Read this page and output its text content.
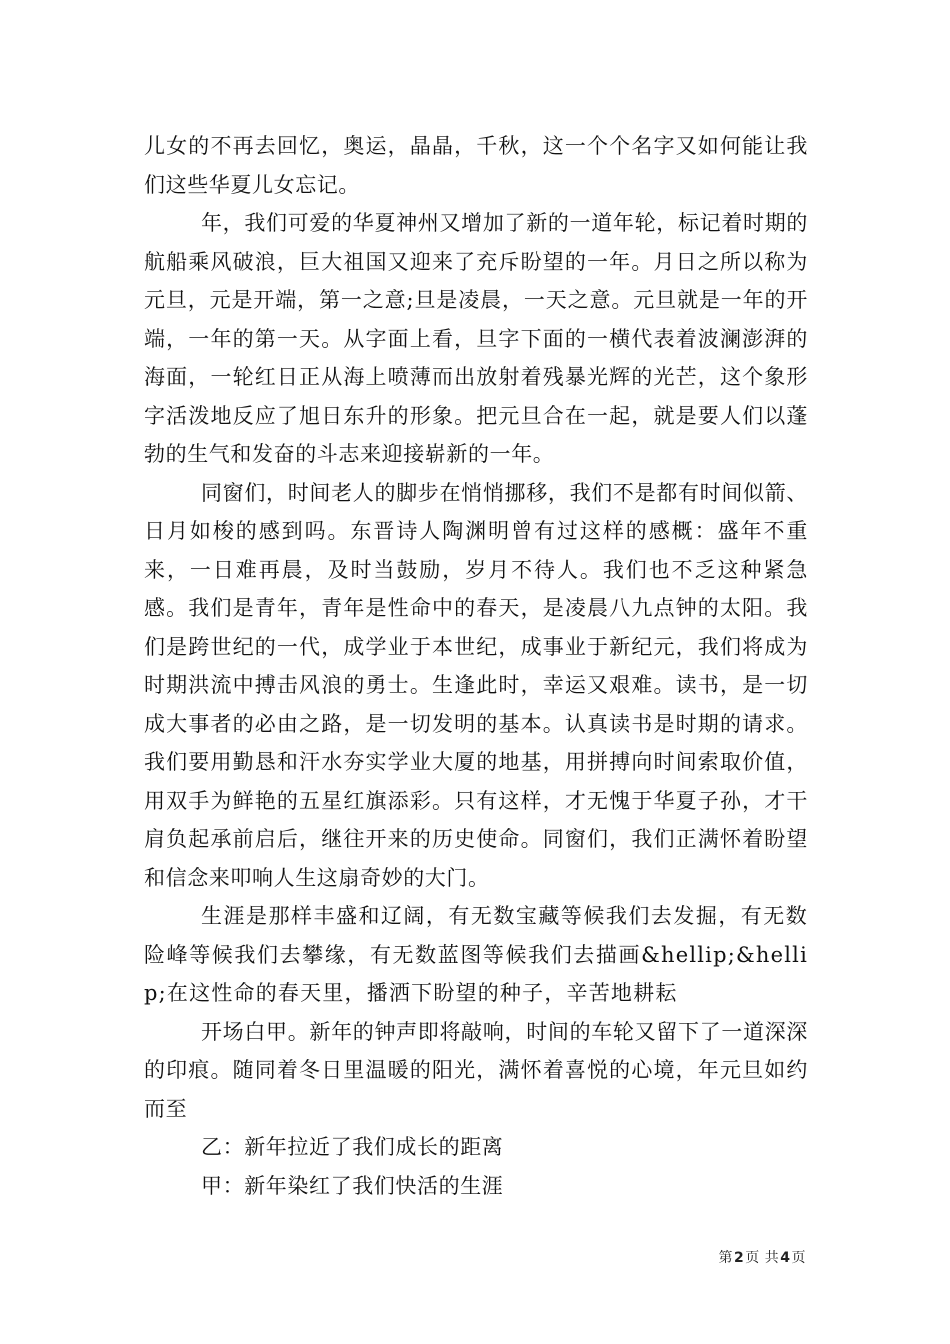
儿女的不再去回忆，奥运，晶晶，千秋，这一个个名字又如何能让我们这些华夏儿女忘记。

年，我们可爱的华夏神州又增加了新的一道年轮，标记着时期的航船乘风破浪，巨大祖国又迎来了充斥盼望的一年。月日之所以称为元旦，元是开端，第一之意;旦是凌晨，一天之意。元旦就是一年的开端，一年的第一天。从字面上看，旦字下面的一横代表着波澜澎湃的海面，一轮红日正从海上喷薄而出放射着残暴光辉的光芒，这个象形字活泼地反应了旭日东升的形象。把元旦合在一起，就是要人们以蓬勃的生气和发奋的斗志来迎接崭新的一年。

同窗们，时间老人的脚步在悄悄挪移，我们不是都有时间似箭、日月如梭的感到吗。东晋诗人陶渊明曾有过这样的感概：盛年不重来，一日难再晨，及时当鼓励，岁月不待人。我们也不乏这种紧急感。我们是青年，青年是性命中的春天，是凌晨八九点钟的太阳。我们是跨世纪的一代，成学业于本世纪，成事业于新纪元，我们将成为时期洪流中搏击风浪的勇士。生逢此时，幸运又艰难。读书，是一切成大事者的必由之路，是一切发明的基本。认真读书是时期的请求。我们要用勤恳和汗水夯实学业大厦的地基，用拼搏向时间索取价值，用双手为鲜艳的五星红旗添彩。只有这样，才无愧于华夏子孙，才干肩负起承前启后，继往开来的历史使命。同窗们，我们正满怀着盼望和信念来叩响人生这扇奇妙的大门。

生涯是那样丰盛和辽阔，有无数宝藏等候我们去发掘，有无数险峰等候我们去攀缘，有无数蓝图等候我们去描画&hellip;&hellip;在这性命的春天里，播洒下盼望的种子，辛苦地耕耘

开场白甲。新年的钟声即将敲响，时间的车轮又留下了一道深深的印痕。随同着冬日里温暖的阳光，满怀着喜悦的心境，年元旦如约而至

乙：新年拉近了我们成长的距离

甲：新年染红了我们快活的生涯

第2页 共4页
